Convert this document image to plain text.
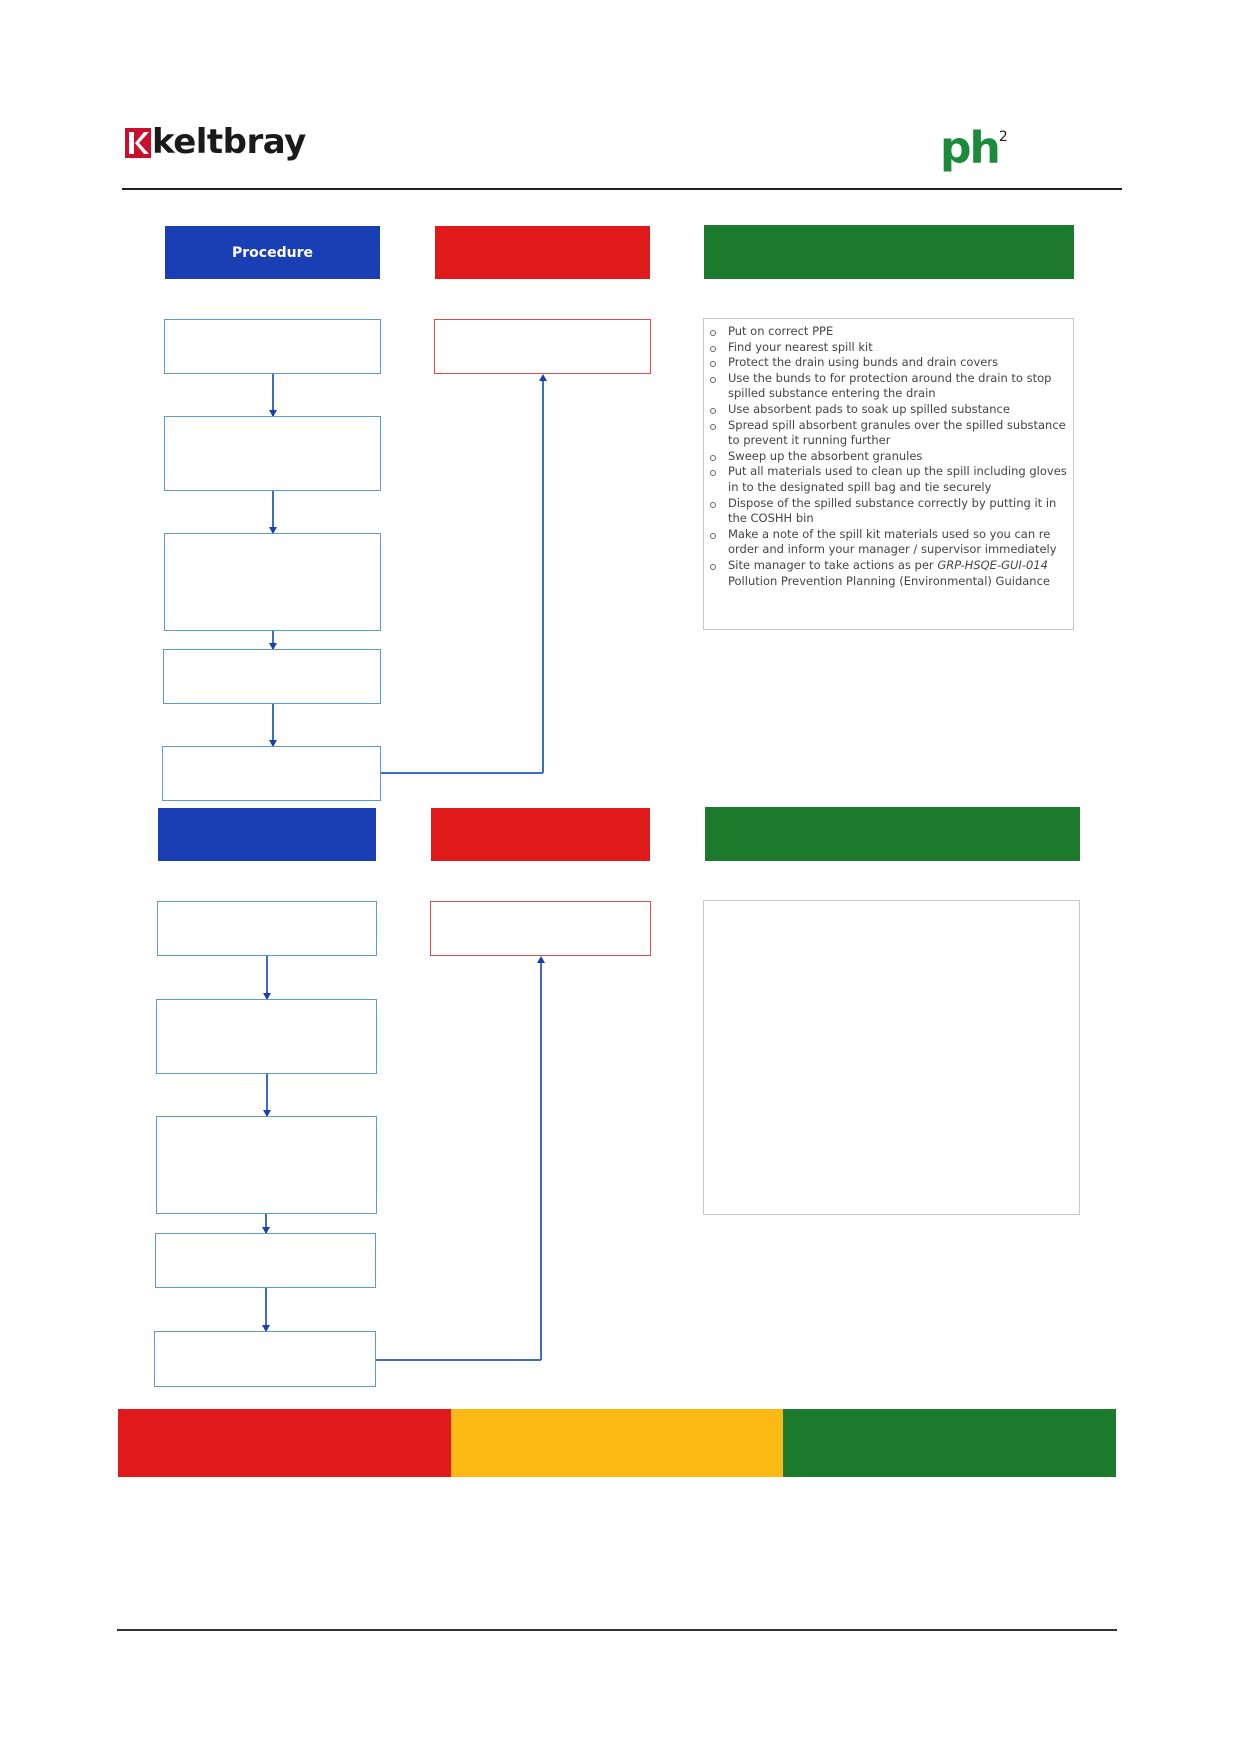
keltbray	$ph^2$
Procedure
Put on correct PPE
Find your nearest spill kit
Protect the drain using bunds and drain covers
Use the bunds to for protection around the drain to stop spilled substance entering the drain
Use absorbent pads to soak up spilled substance
Spread spill absorbent granules over the spilled substance to prevent it running further
Sweep up the absorbent granules
Put all materials used to clean up the spill including gloves in to the designated spill bag and tie securely
Dispose of the spilled substance correctly by putting it in the COSHH bin
Make a note of the spill kit materials used so you can re order and inform your manager / supervisor immediately
Site manager to take actions as per GRP-HSQE-GUI-014 Pollution Prevention Planning (Environmental) Guidance
